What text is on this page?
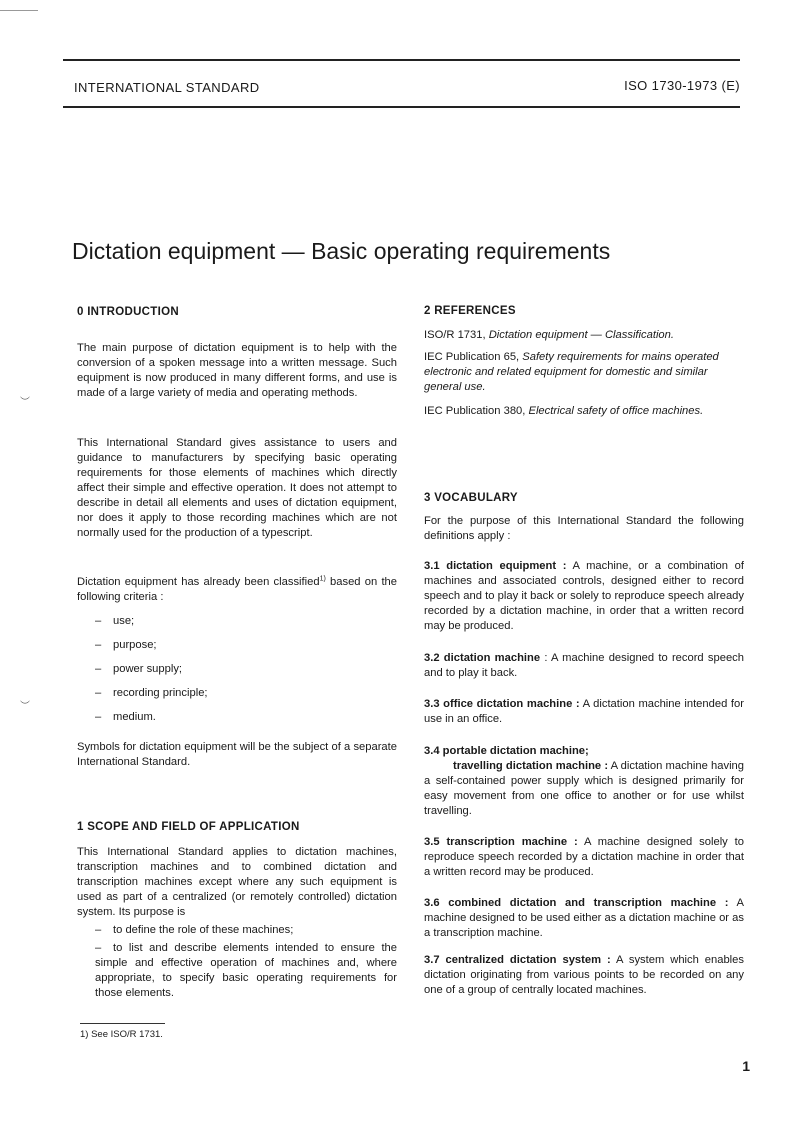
︶
︶
INTERNATIONAL STANDARD	ISO 1730-1973 (E)
Dictation equipment — Basic operating requirements
0 INTRODUCTION

The main purpose of dictation equipment is to help with the conversion of a spoken message into a written message. Such equipment is now produced in many different forms, and use is made of a large variety of media and operating methods.

This International Standard gives assistance to users and guidance to manufacturers by specifying basic operating requirements for those elements of machines which directly affect their simple and effective operation. It does not attempt to describe in detail all elements and uses of dictation equipment, nor does it apply to those recording machines which are not normally used for the production of a typescript.

Dictation equipment has already been classified$^{1)}$ based on the following criteria :

– use;
– purpose;
– power supply;
– recording principle;
– medium.

Symbols for dictation equipment will be the subject of a separate International Standard.

1 SCOPE AND FIELD OF APPLICATION

This International Standard applies to dictation machines, transcription machines and to combined dictation and transcription machines except where any such equipment is used as part of a centralized (or remotely controlled) dictation system. Its purpose is

– to define the role of these machines;

– to list and describe elements intended to ensure the simple and effective operation of machines and, where appropriate, to specify basic operating requirements for those elements.

1) See ISO/R 1731.
2 REFERENCES

ISO/R 1731, Dictation equipment — Classification.

IEC Publication 65, Safety requirements for mains operated electronic and related equipment for domestic and similar general use.

IEC Publication 380, Electrical safety of office machines.

3 VOCABULARY

For the purpose of this International Standard the following definitions apply :

3.1 dictation equipment : A machine, or a combination of machines and associated controls, designed either to record speech and to play it back or solely to reproduce speech already recorded by a dictation machine, in order that a written record may be produced.

3.2 dictation machine : A machine designed to record speech and to play it back.

3.3 office dictation machine : A dictation machine intended for use in an office.

3.4 portable dictation machine;
travelling dictation machine : A dictation machine having a self-contained power supply which is designed primarily for easy movement from one office to another or for use whilst travelling.

3.5 transcription machine : A machine designed solely to reproduce speech recorded by a dictation machine in order that a written record may be produced.

3.6 combined dictation and transcription machine : A machine designed to be used either as a dictation machine or as a transcription machine.

3.7 centralized dictation system : A system which enables dictation originating from various points to be recorded on any one of a group of centrally located machines.

1
